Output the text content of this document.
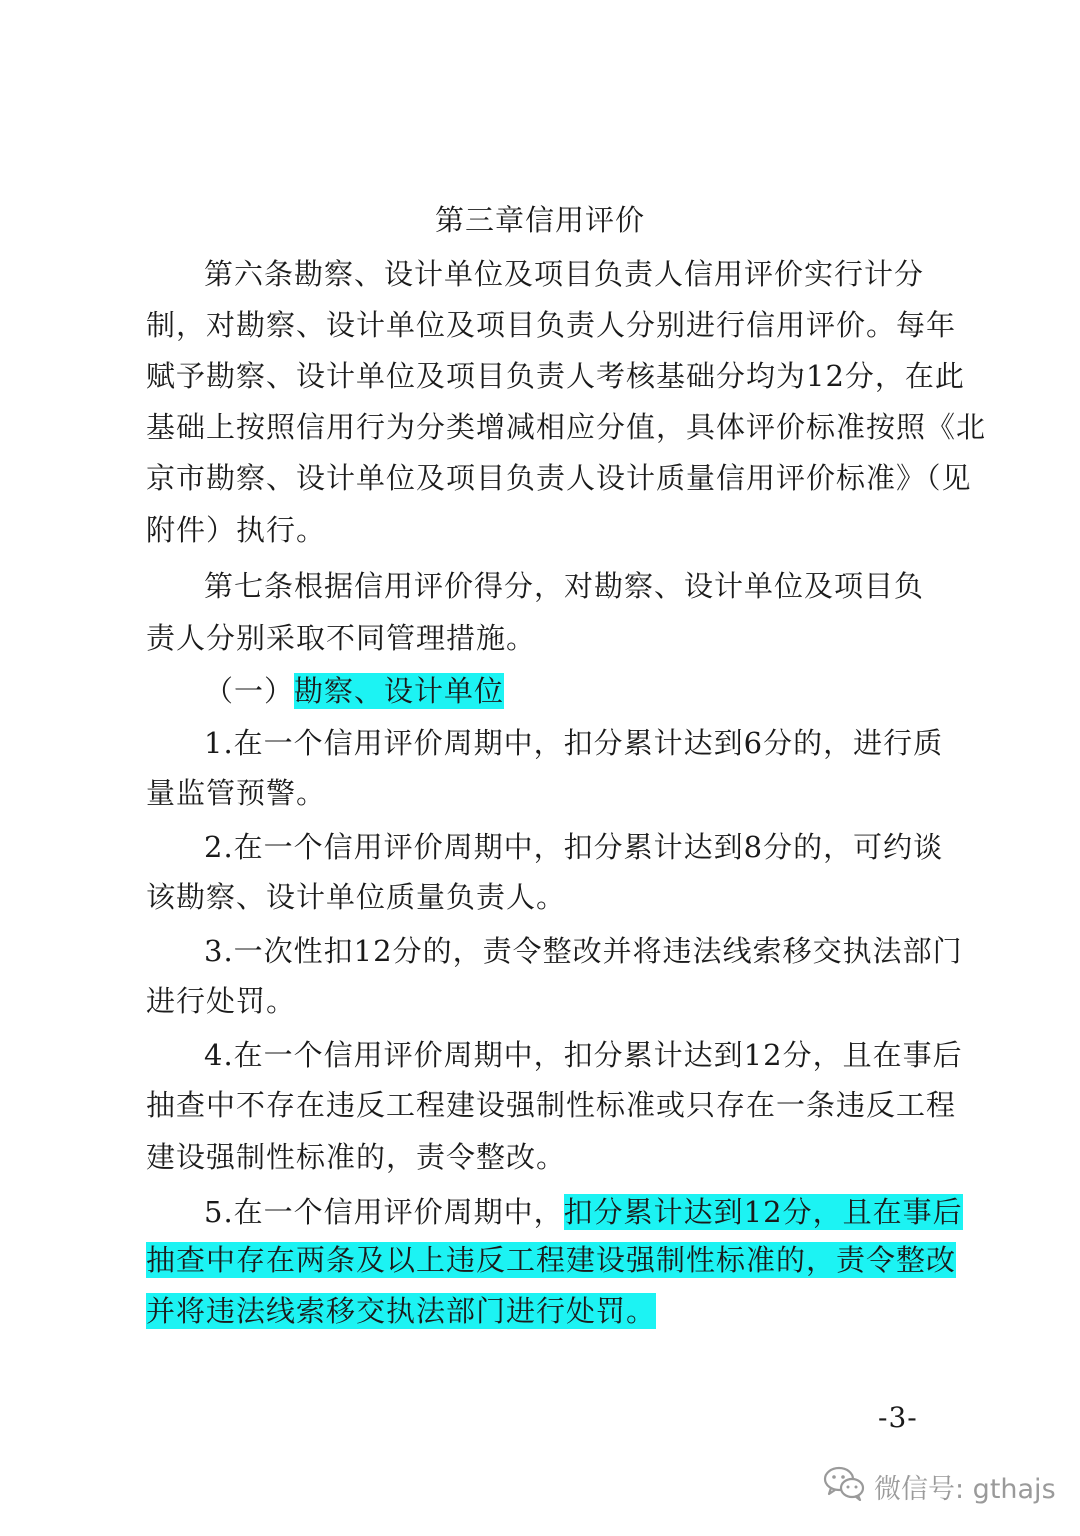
第三章信用评价
第六条勘察、设计单位及项目负责人信用评价实行计分
制，对勘察、设计单位及项目负责人分别进行信用评价。每年
赋予勘察、设计单位及项目负责人考核基础分均为12分，在此
基础上按照信用行为分类增减相应分值，具体评价标准按照《北
京市勘察、设计单位及项目负责人设计质量信用评价标准》（见
附件）执行。
第七条根据信用评价得分，对勘察、设计单位及项目负
责人分别采取不同管理措施。
（一）勘察、设计单位
1.在一个信用评价周期中，扣分累计达到6分的，进行质
量监管预警。
2.在一个信用评价周期中，扣分累计达到8分的，可约谈
该勘察、设计单位质量负责人。
3.一次性扣12分的，责令整改并将违法线索移交执法部门
进行处罚。
4.在一个信用评价周期中，扣分累计达到12分，且在事后
抽查中不存在违反工程建设强制性标准或只存在一条违反工程
建设强制性标准的，责令整改。
5.在一个信用评价周期中，扣分累计达到12分，且在事后
抽查中存在两条及以上违反工程建设强制性标准的，责令整改
并将违法线索移交执法部门进行处罚。
-3-
微信号: gthajs
